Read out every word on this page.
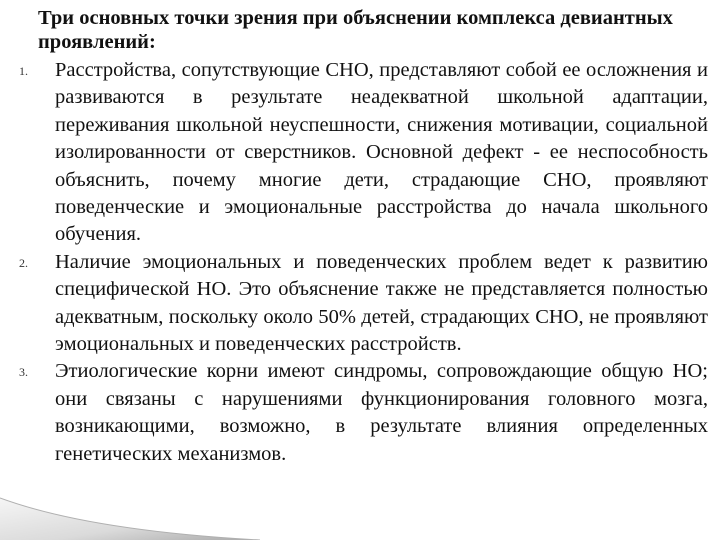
Три основных точки зрения при объяснении комплекса девиантных проявлений:
1. Расстройства, сопутствующие СНО, представляют собой ее осложнения и развиваются в результате неадекватной школьной адаптации, переживания школьной неуспешности, снижения мотивации, социальной изолированности от сверстников. Основной дефект - ее неспособность объяснить, почему многие дети, страдающие СНО, проявляют поведенческие и эмоциональные расстройства до начала школьного обучения.
2. Наличие эмоциональных и поведенческих проблем ведет к развитию специфической НО. Это объяснение также не представляется полностью адекватным, поскольку около 50% детей, страдающих СНО, не проявляют эмоциональных и поведенческих расстройств.
3. Этиологические корни имеют синдромы, сопровождающие общую НО; они связаны с нарушениями функционирования головного мозга, возникающими, возможно, в результате влияния определенных генетических механизмов.
